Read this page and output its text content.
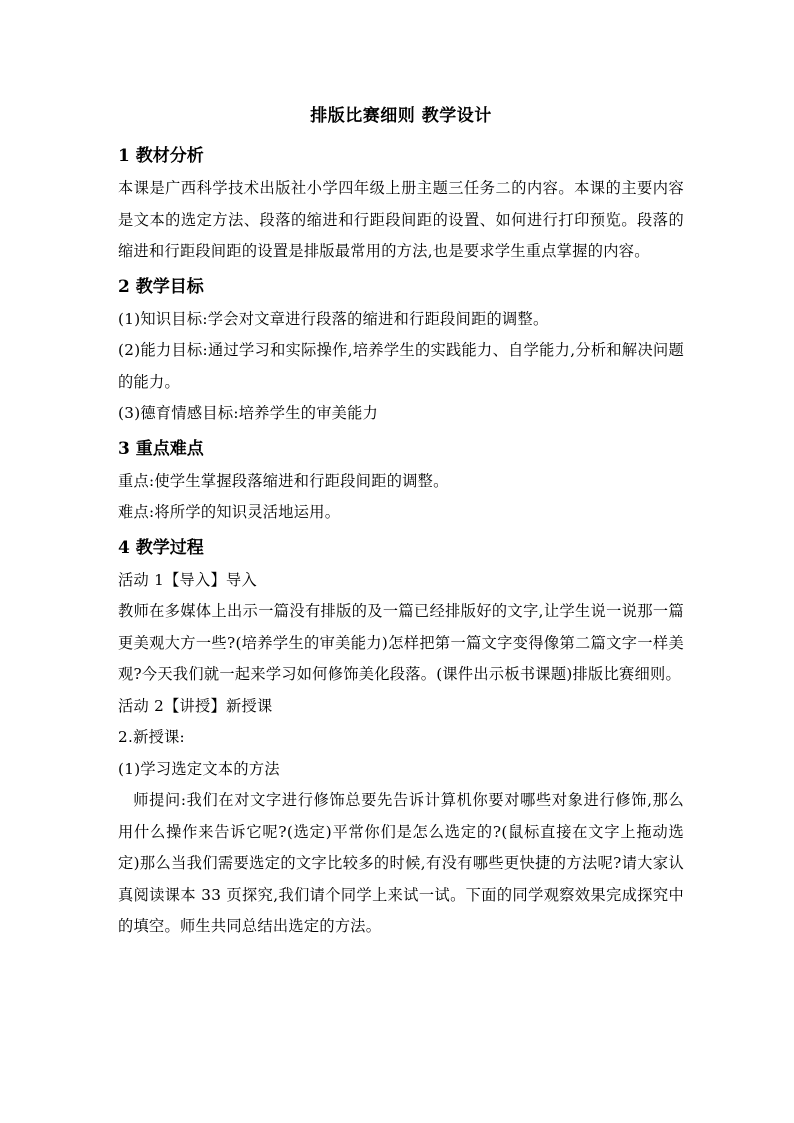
排版比赛细则 教学设计
1 教材分析

本课是广西科学技术出版社小学四年级上册主题三任务二的内容。本课的主要内容是文本的选定方法、段落的缩进和行距段间距的设置、如何进行打印预览。段落的缩进和行距段间距的设置是排版最常用的方法,也是要求学生重点掌握的内容。

2 教学目标

(1)知识目标:学会对文章进行段落的缩进和行距段间距的调整。

(2)能力目标:通过学习和实际操作,培养学生的实践能力、自学能力,分析和解决问题的能力。

(3)德育情感目标:培养学生的审美能力

3 重点难点

重点:使学生掌握段落缩进和行距段间距的调整。

难点:将所学的知识灵活地运用。

4 教学过程

活动 1【导入】导入

教师在多媒体上出示一篇没有排版的及一篇已经排版好的文字,让学生说一说那一篇更美观大方一些?(培养学生的审美能力)怎样把第一篇文字变得像第二篇文字一样美观?今天我们就一起来学习如何修饰美化段落。(课件出示板书课题)排版比赛细则。

活动 2【讲授】新授课

2.新授课:

(1)学习选定文本的方法

师提问:我们在对文字进行修饰总要先告诉计算机你要对哪些对象进行修饰,那么用什么操作来告诉它呢?(选定)平常你们是怎么选定的?(鼠标直接在文字上拖动选定)那么当我们需要选定的文字比较多的时候,有没有哪些更快捷的方法呢?请大家认真阅读课本 33 页探究,我们请个同学上来试一试。下面的同学观察效果完成探究中的填空。师生共同总结出选定的方法。
